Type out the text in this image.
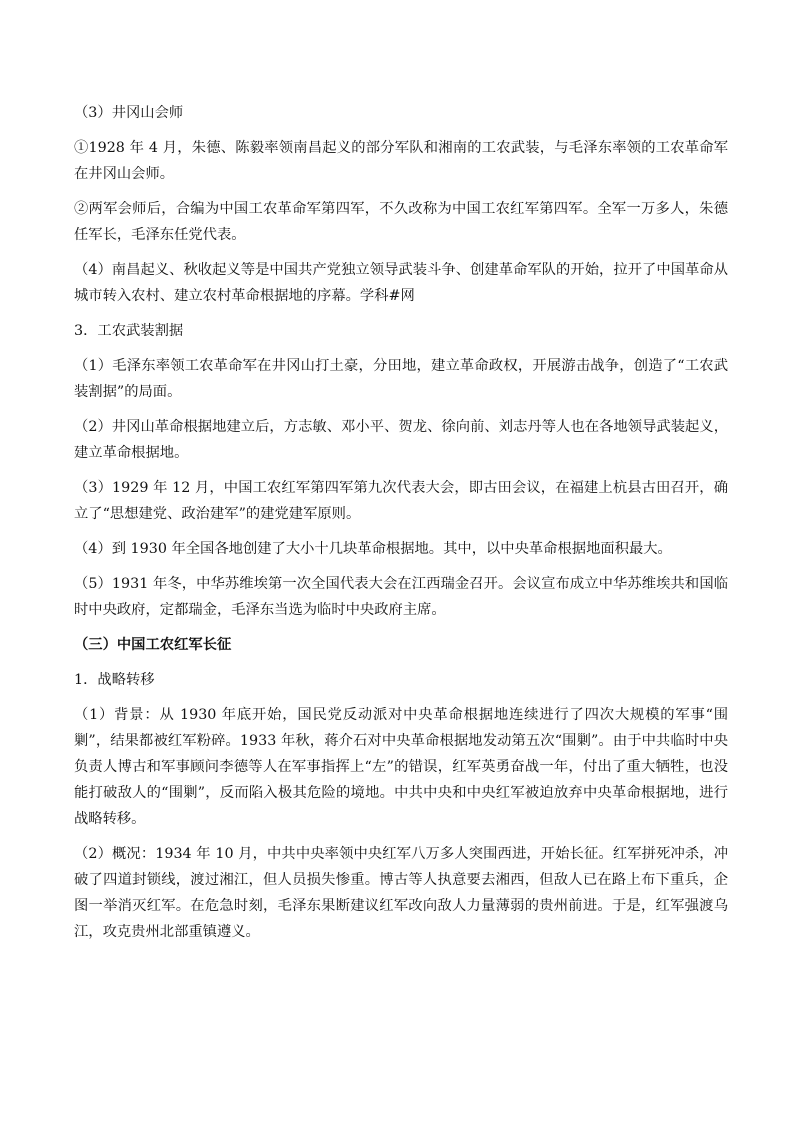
（3）井冈山会师

①1928 年 4 月，朱德、陈毅率领南昌起义的部分军队和湘南的工农武装，与毛泽东率领的工农革命军在井冈山会师。

②两军会师后，合编为中国工农革命军第四军，不久改称为中国工农红军第四军。全军一万多人，朱德任军长，毛泽东任党代表。

（4）南昌起义、秋收起义等是中国共产党独立领导武装斗争、创建革命军队的开始，拉开了中国革命从城市转入农村、建立农村革命根据地的序幕。学科#网

3．工农武装割据

（1）毛泽东率领工农革命军在井冈山打土豪，分田地，建立革命政权，开展游击战争，创造了“工农武装割据”的局面。

（2）井冈山革命根据地建立后，方志敏、邓小平、贺龙、徐向前、刘志丹等人也在各地领导武装起义，建立革命根据地。

（3）1929 年 12 月，中国工农红军第四军第九次代表大会，即古田会议，在福建上杭县古田召开，确立了“思想建党、政治建军”的建党建军原则。

（4）到 1930 年全国各地创建了大小十几块革命根据地。其中，以中央革命根据地面积最大。

（5）1931 年冬，中华苏维埃第一次全国代表大会在江西瑞金召开。会议宣布成立中华苏维埃共和国临时中央政府，定都瑞金，毛泽东当选为临时中央政府主席。

（三）中国工农红军长征

1．战略转移

（1）背景：从 1930 年底开始，国民党反动派对中央革命根据地连续进行了四次大规模的军事“围剿”，结果都被红军粉碎。1933 年秋，蒋介石对中央革命根据地发动第五次“围剿”。由于中共临时中央负责人博古和军事顾问李德等人在军事指挥上“左”的错误，红军英勇奋战一年，付出了重大牺牲，也没能打破敌人的“围剿”，反而陷入极其危险的境地。中共中央和中央红军被迫放弃中央革命根据地，进行战略转移。

（2）概况：1934 年 10 月，中共中央率领中央红军八万多人突围西进，开始长征。红军拼死冲杀，冲破了四道封锁线，渡过湘江，但人员损失惨重。博古等人执意要去湘西，但敌人已在路上布下重兵，企图一举消灭红军。在危急时刻，毛泽东果断建议红军改向敌人力量薄弱的贵州前进。于是，红军强渡乌江，攻克贵州北部重镇遵义。
